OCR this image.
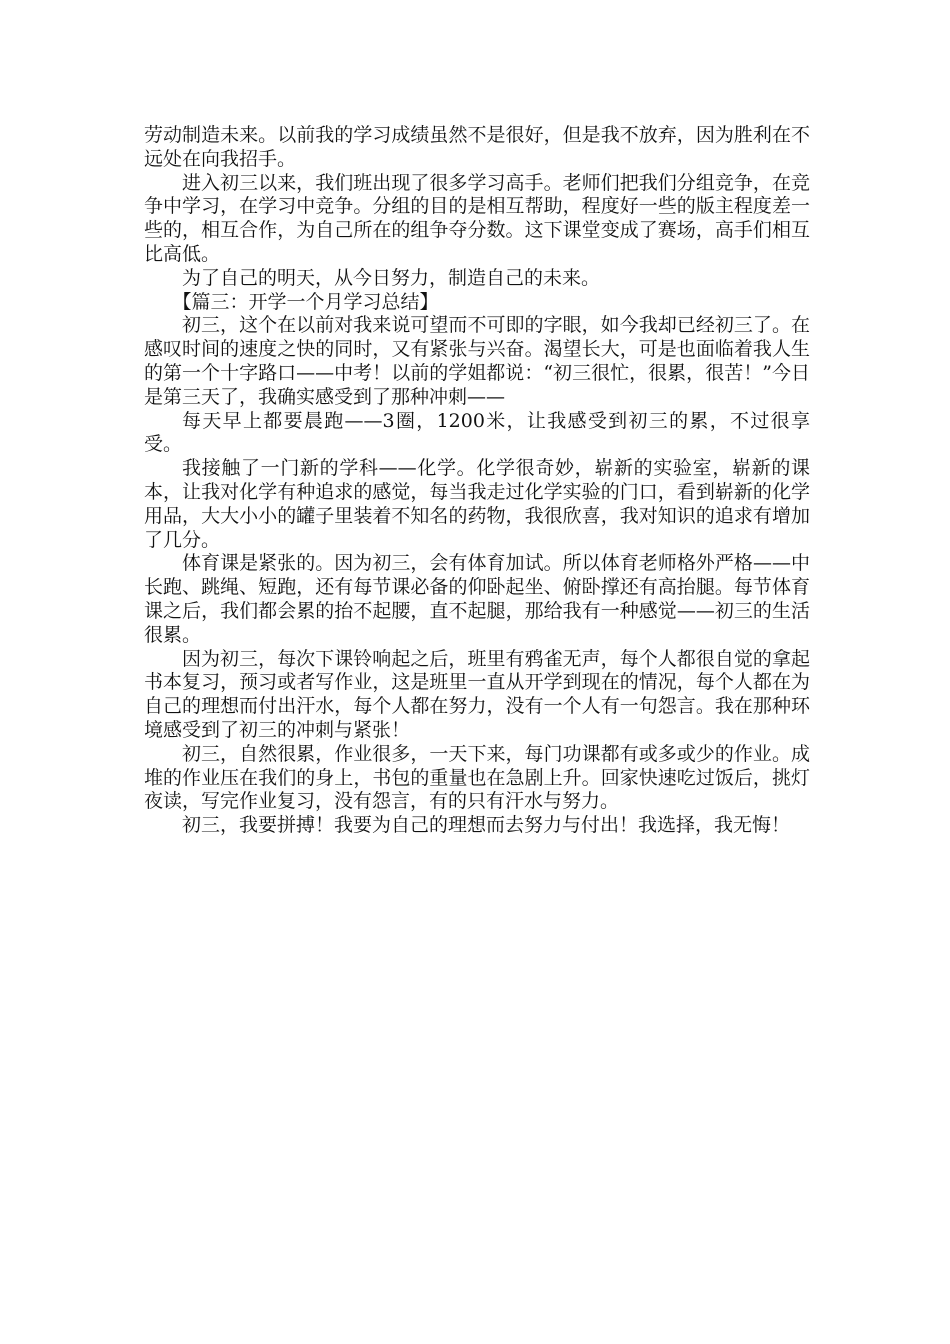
劳动制造未来。以前我的学习成绩虽然不是很好，但是我不放弃，因为胜利在不远处在向我招手。

进入初三以来，我们班出现了很多学习高手。老师们把我们分组竞争，在竞争中学习，在学习中竞争。分组的目的是相互帮助，程度好一些的版主程度差一些的，相互合作，为自己所在的组争夺分数。这下课堂变成了赛场，高手们相互比高低。

为了自己的明天，从今日努力，制造自己的未来。

【篇三：开学一个月学习总结】

初三，这个在以前对我来说可望而不可即的字眼，如今我却已经初三了。在感叹时间的速度之快的同时，又有紧张与兴奋。渴望长大，可是也面临着我人生的第一个十字路口——中考！以前的学姐都说：“初三很忙，很累，很苦！”今日是第三天了，我确实感受到了那种冲刺——

每天早上都要晨跑——3圈，1200米，让我感受到初三的累，不过很享受。

我接触了一门新的学科——化学。化学很奇妙，崭新的实验室，崭新的课本，让我对化学有种追求的感觉，每当我走过化学实验的门口，看到崭新的化学用品，大大小小的罐子里装着不知名的药物，我很欣喜，我对知识的追求有增加了几分。

体育课是紧张的。因为初三，会有体育加试。所以体育老师格外严格——中长跑、跳绳、短跑，还有每节课必备的仰卧起坐、俯卧撑还有高抬腿。每节体育课之后，我们都会累的抬不起腰，直不起腿，那给我有一种感觉——初三的生活很累。

因为初三，每次下课铃响起之后，班里有鸦雀无声，每个人都很自觉的拿起书本复习，预习或者写作业，这是班里一直从开学到现在的情况，每个人都在为自己的理想而付出汗水，每个人都在努力，没有一个人有一句怨言。我在那种环境感受到了初三的冲刺与紧张！

初三，自然很累，作业很多，一天下来，每门功课都有或多或少的作业。成堆的作业压在我们的身上，书包的重量也在急剧上升。回家快速吃过饭后，挑灯夜读，写完作业复习，没有怨言，有的只有汗水与努力。

初三，我要拼搏！我要为自己的理想而去努力与付出！我选择，我无悔！
